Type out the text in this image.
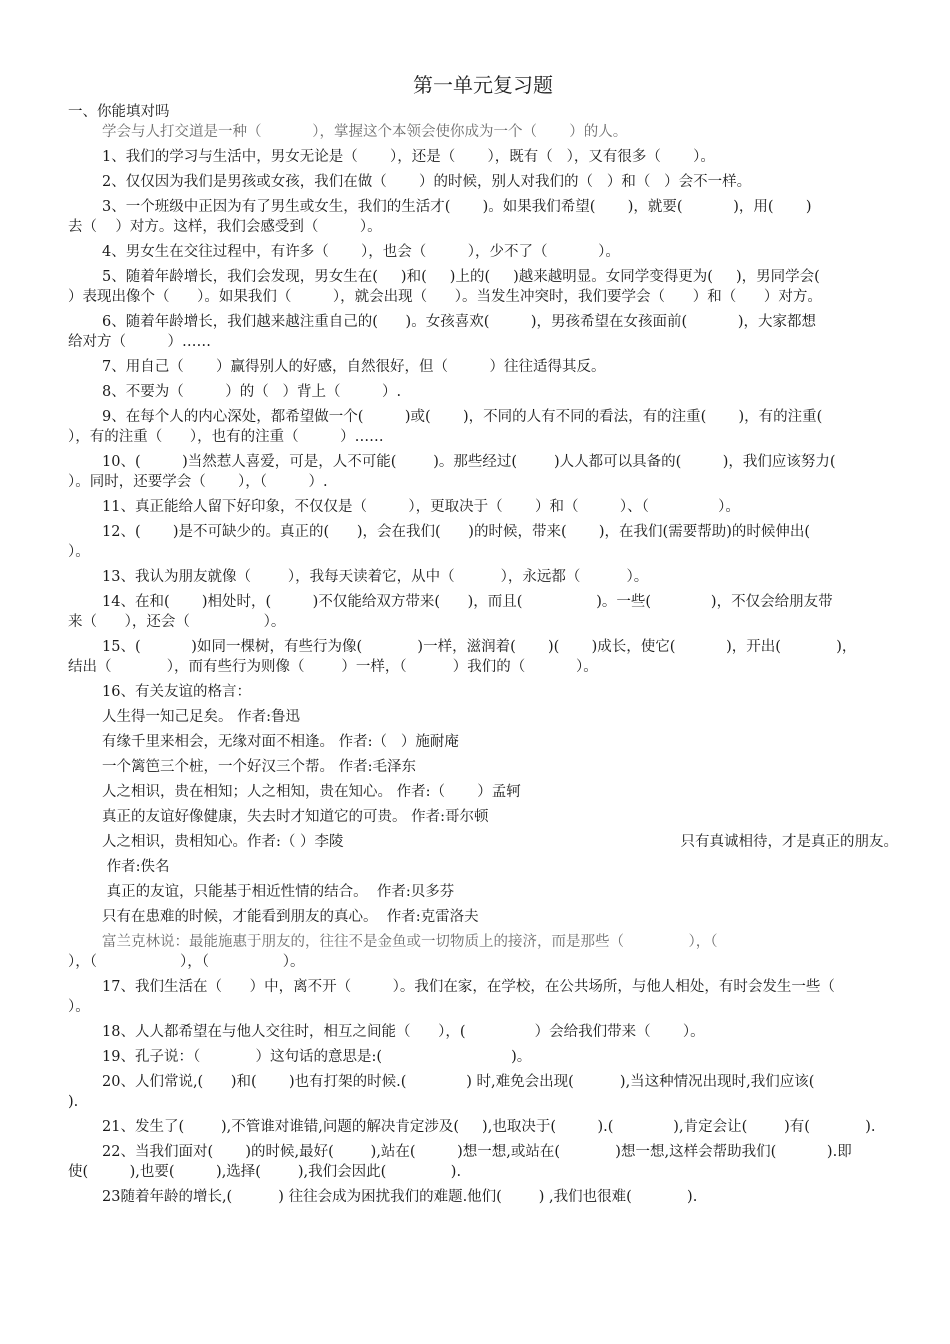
第一单元复习题
一、你能填对吗
学会与人打交道是一种（           ），掌握这个本领会使你成为一个（       ）的人。
1、我们的学习与生活中，男女无论是（       ），还是（       ），既有（   ），又有很多（       ）。
2、仅仅因为我们是男孩或女孩，我们在做（       ）的时候，别人对我们的（   ）和（   ）会不一样。
3、一个班级中正因为有了男生或女生，我们的生活才(       )。如果我们希望(       )，就要(           )，用(       )
去（    ）对方。这样，我们会感受到（         ）。
4、男女生在交往过程中，有许多（       ），也会（         ），少不了（           ）。
5、随着年龄增长，我们会发现，男女生在(     )和(     )上的(     )越来越明显。女同学变得更为(     )，男同学会(
）表现出像个（      ）。如果我们（         ），就会出现（      ）。当发生冲突时，我们要学会（      ）和（      ）对方。
6、随着年龄增长，我们越来越注重自己的(      )。女孩喜欢(         )，男孩希望在女孩面前(           )，大家都想
给对方（         ）……
7、用自己（       ）赢得别人的好感，自然很好，但（         ）往往适得其反。
8、不要为（         ）的（   ）背上（         ）.
9、在每个人的内心深处，都希望做一个(         )或(       )，不同的人有不同的看法，有的注重(       )，有的注重(
），有的注重（      ），也有的注重（         ）……
10、(         )当然惹人喜爱，可是，人不可能(        )。那些经过(        )人人都可以具备的(         )，我们应该努力(
）。同时，还要学会（       ），（         ）.
11、真正能给人留下好印象，不仅仅是（         ），更取决于（       ）和（         ）、（               ）。
12、(       )是不可缺少的。真正的(      )，会在我们(      )的时候，带来(       )，在我们(需要帮助)的时候伸出(
）。
13、我认为朋友就像（        ），我每天读着它，从中（          ），永远都（          ）。
14、在和(       )相处时，(         )不仅能给双方带来(      )，而且(                )。一些(             )，不仅会给朋友带
来（      ），还会（                ）。
15、(           )如同一棵树，有些行为像(            )一样，滋润着(       )(       )成长，使它(           )，开出(            )，
结出（            ），而有些行为则像（        ）一样，（          ）我们的（           ）。
16、有关友谊的格言：
人生得一知己足矣。 作者:鲁迅
有缘千里来相会，无缘对面不相逢。 作者:（   ）施耐庵
一个篱笆三个桩，一个好汉三个帮。 作者:毛泽东
人之相识，贵在相知；人之相知，贵在知心。 作者:（       ）孟轲
真正的友谊好像健康，失去时才知道它的可贵。 作者:哥尔顿
人之相识，贵相知心。作者:（ ）李陵	只有真诚相待，才是真正的朋友。
作者:佚名
真正的友谊，只能基于相近性情的结合。  作者:贝多芬
只有在患难的时候，才能看到朋友的真心。  作者:克雷洛夫
富兰克林说：最能施惠于朋友的，往往不是金鱼或一切物质上的接济，而是那些（              ），（
），（                  ），（                ）。
17、我们生活在（      ）中，离不开（         ）。我们在家，在学校，在公共场所，与他人相处，有时会发生一些（
）。
18、人人都希望在与他人交往时，相互之间能（      ），(               ）会给我们带来（       ）。
19、孔子说：（            ）这句话的意思是:(                            )。
20、人们常说,(      )和(       )也有打架的时候.(             ) 时,难免会出现(          ),当这种情况出现时,我们应该(
).
21、发生了(        ),不管谁对谁错,问题的解决肯定涉及(     ),也取决于(         ).(             ),肯定会让(        )有(            ).
22、当我们面对(       )的时候,最好(        ),站在(         )想一想,或站在(            )想一想,这样会帮助我们(           ).即
使(         ),也要(         ),选择(        ),我们会因此(              ).
23随着年龄的增长,(          ) 往往会成为困扰我们的难题.他们(        ) ,我们也很难(            ).
